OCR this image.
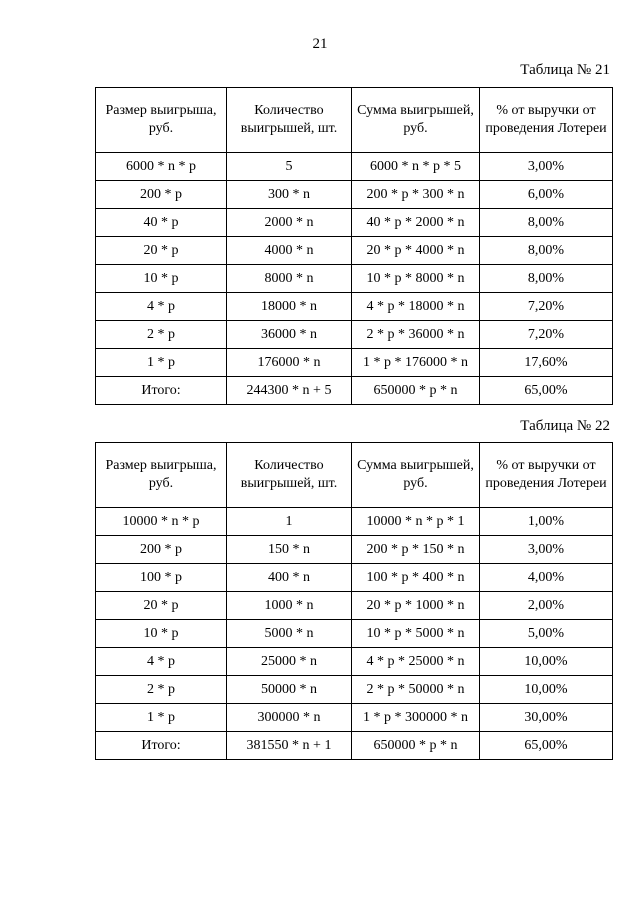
21
Таблица № 21
Размер выигрыша, руб.	Количество выигрышей, шт.	Сумма выигрышей, руб.	% от выручки от проведения Лотереи
6000 * n * p	5	6000 * n * p * 5	3,00%
200 * p	300 * n	200 * p * 300 * n	6,00%
40 * p	2000 * n	40 * p * 2000 * n	8,00%
20 * p	4000 * n	20 * p * 4000 * n	8,00%
10 * p	8000 * n	10 * p * 8000 * n	8,00%
4 * p	18000 * n	4 * p * 18000 * n	7,20%
2 * p	36000 * n	2 * p * 36000 * n	7,20%
1 * p	176000 * n	1 * p * 176000 * n	17,60%
Итого:	244300 * n + 5	650000 * p * n	65,00%
Таблица № 22
Размер выигрыша, руб.	Количество выигрышей, шт.	Сумма выигрышей, руб.	% от выручки от проведения Лотереи
10000 * n * p	1	10000 * n * p * 1	1,00%
200 * p	150 * n	200 * p * 150 * n	3,00%
100 * p	400 * n	100 * p * 400 * n	4,00%
20 * p	1000 * n	20 * p * 1000 * n	2,00%
10 * p	5000 * n	10 * p * 5000 * n	5,00%
4 * p	25000 * n	4 * p * 25000 * n	10,00%
2 * p	50000 * n	2 * p * 50000 * n	10,00%
1 * p	300000 * n	1 * p * 300000 * n	30,00%
Итого:	381550 * n + 1	650000 * p * n	65,00%
